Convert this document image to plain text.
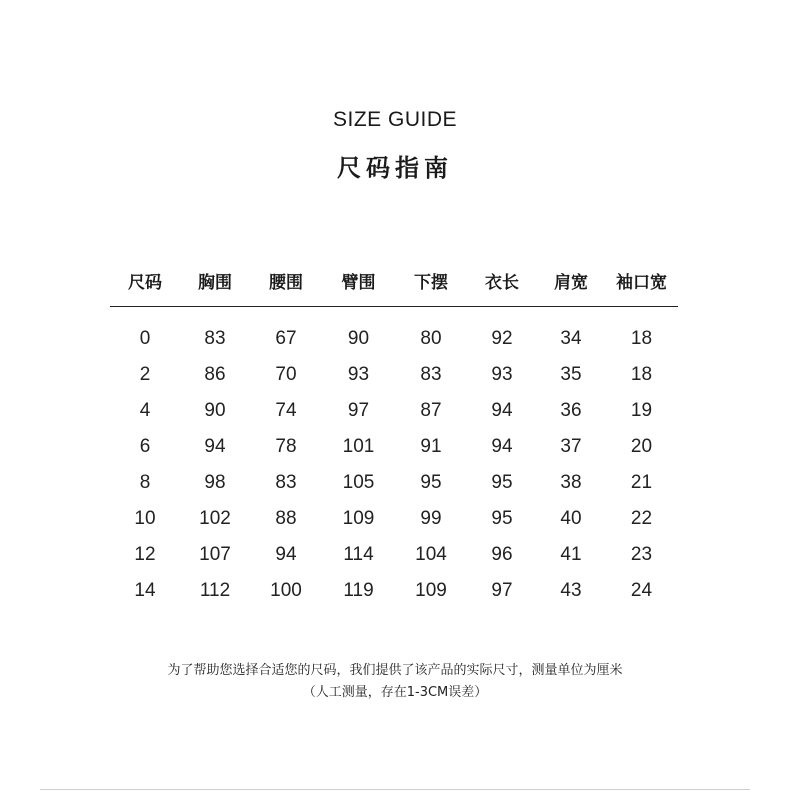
SIZE GUIDE
尺码指南
尺码	胸围	腰围	臂围	下摆	衣长	肩宽	袖口宽
0	83	67	90	80	92	34	18
2	86	70	93	83	93	35	18
4	90	74	97	87	94	36	19
6	94	78	101	91	94	37	20
8	98	83	105	95	95	38	21
10	102	88	109	99	95	40	22
12	107	94	114	104	96	41	23
14	112	100	119	109	97	43	24
为了帮助您选择合适您的尺码，我们提供了该产品的实际尺寸，测量单位为厘米
（人工测量，存在1-3CM误差）
